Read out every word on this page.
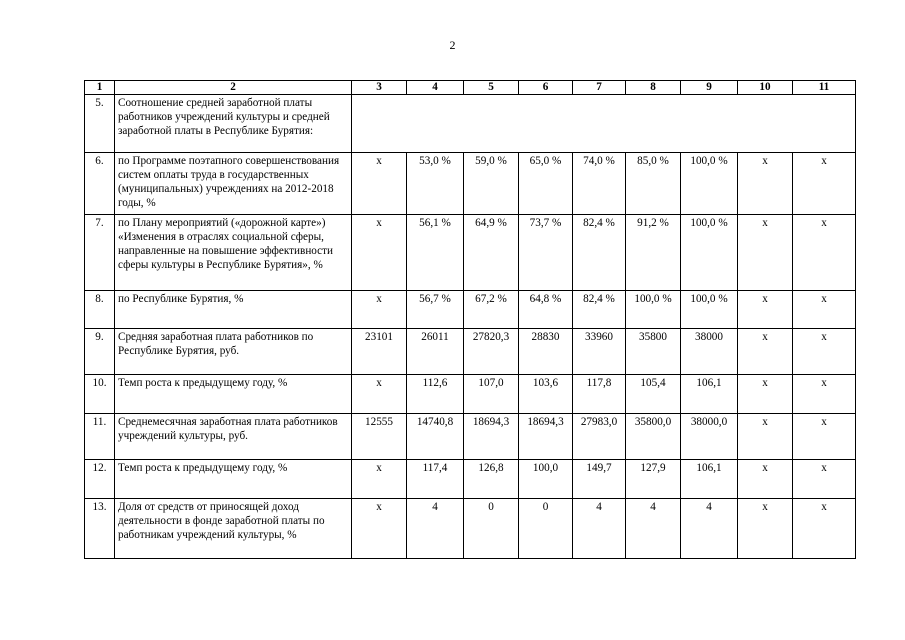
2
1	2	3	4	5	6	7	8	9	10	11
5.	Соотношение средней заработной платы работников учреждений культуры и средней заработной платы в Республике Бурятия:									
6.	по Программе поэтапного совершенствования систем оплаты труда в государственных (муниципальных) учреждениях на 2012-2018 годы, %	х	53,0 %	59,0 %	65,0 %	74,0 %	85,0 %	100,0 %	х	х
7.	по Плану мероприятий («дорожной карте») «Изменения в отраслях социальной сферы, направленные на повышение эффективности сферы культуры в Республике Бурятия», %	х	56,1 %	64,9 %	73,7 %	82,4 %	91,2 %	100,0 %	х	х
8.	по Республике Бурятия, %	х	56,7 %	67,2 %	64,8 %	82,4 %	100,0 %	100,0 %	х	х
9.	Средняя заработная плата работников по Республике Бурятия, руб.	23101	26011	27820,3	28830	33960	35800	38000	х	х
10.	Темп роста к предыдущему году, %	х	112,6	107,0	103,6	117,8	105,4	106,1	х	х
11.	Среднемесячная заработная плата работников учреждений культуры, руб.	12555	14740,8	18694,3	18694,3	27983,0	35800,0	38000,0	х	х
12.	Темп роста к предыдущему году, %	х	117,4	126,8	100,0	149,7	127,9	106,1	х	х
13.	Доля от средств от приносящей доход деятельности в фонде заработной платы по работникам учреждений культуры, %	х	4	0	0	4	4	4	х	х
